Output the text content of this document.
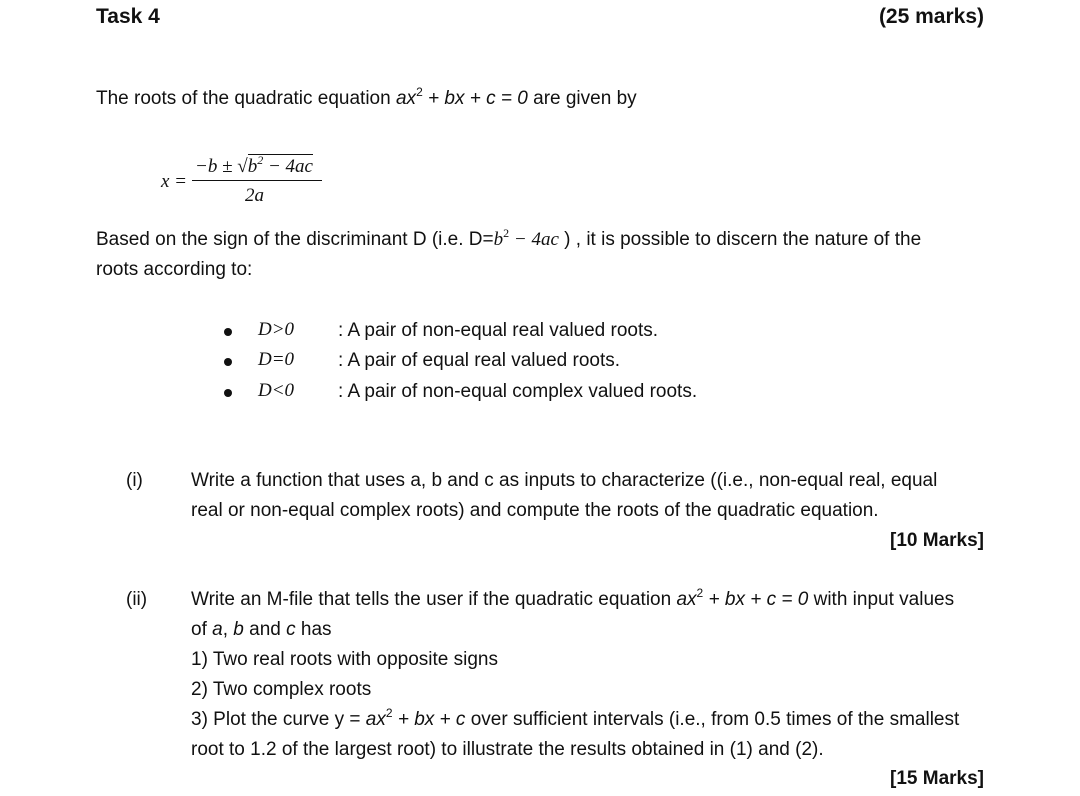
Task 4	(25 marks)
The roots of the quadratic equation $ax^2$ + bx + c = 0 are given by
x =
$-b \pm √b^2 - 4ac$
2a
Based on the sign of the discriminant D (i.e. $D=b^2 - 4ac$ ) , it is possible to discern the nature of the
roots according to:
D>0 : A pair of non-equal real valued roots.
D=0 : A pair of equal real valued roots.
D<0 : A pair of non-equal complex valued roots.
(i)	Write a function that uses a, b and c as inputs to characterize ((i.e., non-equal real, equal
real or non-equal complex roots) and compute the roots of the quadratic equation.
[10 Marks]
(ii) Write an M-file that tells the user if the quadratic equation $ax^2$ + bx + c = 0 with input values
of a, b and c has
1) Two real roots with opposite signs
2) Two complex roots
3) Plot the curve $y = ax^2$ + bx + c over sufficient intervals (i.e., from 0.5 times of the smallest
root to 1.2 of the largest root) to illustrate the results obtained in (1) and (2).
[15 Marks]
